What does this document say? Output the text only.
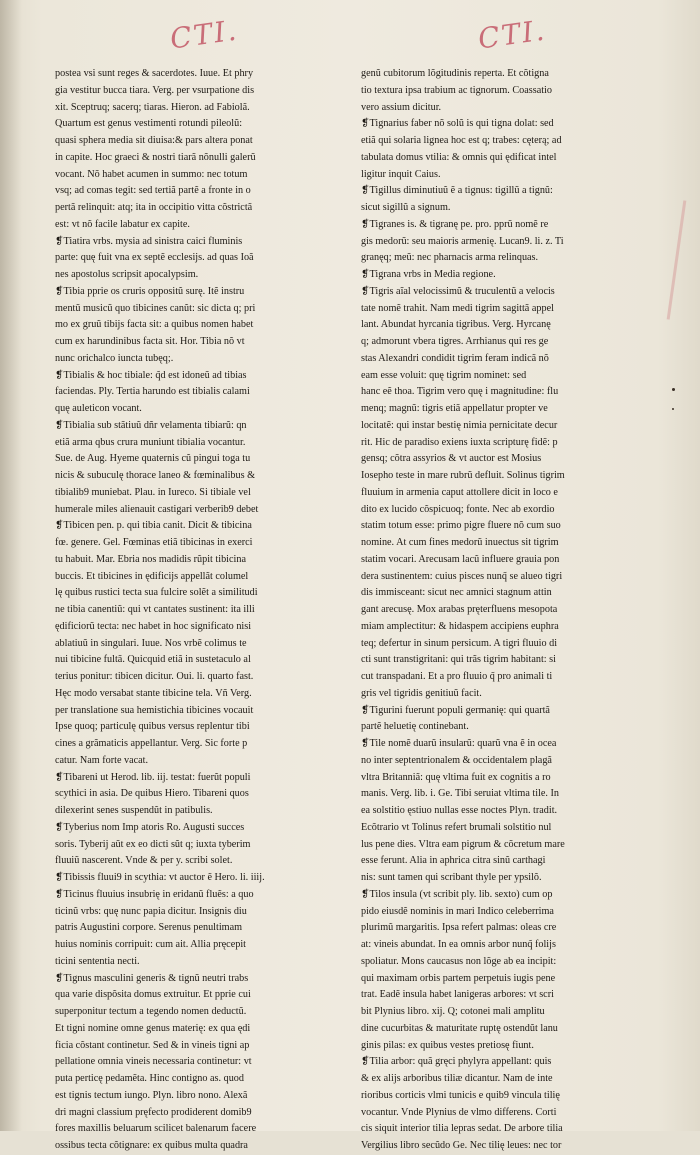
CTI.	CTI.
postea vsi sunt reges & sacerdotes. Iuue. Et phry
gia vestitur bucca tiara. Verg. per vsurpatione dis
xit. Sceptruq; sacerq; tiaras. Hieron. ad Fabiolã.
Quartum est genus vestimenti rotundi pileolũ:
quasi sphera media sit diuisa:& pars altera ponat
in capite. Hoc graeci & nostri tiarã nõnulli galerũ
vocant. Nõ habet acumen in summo: nec totum
vsq; ad comas tegit: sed tertiã partẽ a fronte in o
pertã relinquit: atq; ita in occipitio vitta cõstrictã
est: vt nõ facile labatur ex capite.
❡Tiatira vrbs. mysia ad sinistra caici fluminis
parte: quę fuit vna ex septẽ ecclesijs. ad quas Ioã
nes apostolus scripsit apocalypsim.
❡Tibia pprie os cruris oppositũ surę. Itẽ instru
mentũ musicũ quo tibicines canũt: sic dicta q; pri
mo ex gruũ tibijs facta sit: a quibus nomen habet
cum ex harundinibus facta sit. Hor. Tibia nõ vt
nunc orichalco iuncta tubęq;.
❡Tibialis & hoc tibiale: q̃d est idoneũ ad tibias
faciendas. Ply. Tertia harundo est tibialis calami
quę auleticon vocant.
❡Tibialia sub stãtiuũ dñr velamenta tibiarũ: qn
etiã arma qbus crura muniunt tibialia vocantur.
Sue. de Aug. Hyeme quaternis cũ pingui toga tu
nicis & subuculę thorace laneo & fœminalibus &
tibialib9 muniebat. Plau. in Iureco. Si tibiale vel
humerale miles alienauit castigari verberib9 debet
❡Tibicen pen. p. qui tibia canit. Dicit & tibicina
fœ. genere. Gel. Fœminas etiã tibicinas in exerci
tu habuit. Mar. Ebria nos madidis rũpit tibicina
buccis. Et tibicines in ędificijs appellãt columel
lę quibus rustici tecta sua fulcire solẽt a similitudi
ne tibia canentiũ: qui vt cantates sustinent: ita illi
ędificiorũ tecta: nec habet in hoc significato nisi
ablatiuũ in singulari. Iuue. Nos vrbẽ colimus te
nui tibicine fultã. Quicquid etiã in sustetaculo al
terius ponitur: tibicen dicitur. Oui. li. quarto fast.
Hęc modo versabat stante tibicine tela. Vñ Verg.
per translatione sua hemistichia tibicines vocauit
Ipse quoq; particulę quibus versus replentur tibi
cines a grãmaticis appellantur. Verg. Sic forte p
catur. Nam forte vacat.
❡Tibareni ut Herod. lib. iij. testat: fuerũt populi
scythici in asia. De quibus Hiero. Tibareni quos
dilexerint senes suspendũt in patibulis.
❡Tyberius nom Imp atoris Ro. Augusti succes
soris. Tyberij aũt ex eo dicti sũt q; iuxta tyberim
fluuiũ nascerent. Vnde & per y. scribi solet.
❡Tibissis fluui9 in scythia: vt auctor ẽ Hero. li. iiij.
❡Ticinus fluuius insubrię in eridanũ fluẽs: a quo
ticinũ vrbs: quę nunc papia dicitur. Insignis diu
patris Augustini corpore. Serenus penultimam
huius nominis corripuit: cum ait. Allia pręcepit
ticini sententia necti.
❡Tignus masculini generis & tignũ neutri trabs
qua varie dispõsita domus extruitur. Et pprie cui
superponitur tectum a tegendo nomen deductũ.
Et tigni nomine omne genus materię: ex qua ędi
ficia cõstant continetur. Sed & in vineis tigni ap
pellatione omnia vineis necessaria continetur: vt
puta perticę pedamẽta. Hinc contigno as. quod
est tignis tectum iungo. Plyn. libro nono. Alexã
dri magni classium pręfecto prodiderent domib9
fores maxillis beluarum scilicet balenarum facere
ossibus tecta cõtignare: ex quibus multa quadra
genũ cubitorum lõgitudinis reperta. Et cõtigna
tio textura ipsa trabium ac tignorum. Coassatio
vero assium dicitur.
❡Tignarius faber nõ solũ is qui tigna dolat: sed
etiã qui solaria lignea hoc est q; trabes: cęterą; ad
tabulata domus vtilia: & omnis qui ędificat intel
ligitur inquit Caius.
❡Tigillus diminutiuũ ẽ a tignus: tigillũ a tignũ:
sicut sigillũ a signum.
❡Tigranes is. & tigranę pe. pro. pprũ nomẽ re
gis medorũ: seu maioris armenię. Lucan9. li. z. Ti
granęq; meũ: nec pharnacis arma relinquas.
❡Tigrana vrbs in Media regione.
❡Tigris aĩal velocissimũ & truculentũ a velocis
tate nomẽ trahit. Nam medi tigrim sagittã appel
lant. Abundat hyrcania tigribus. Verg. Hyrcanę
q; admorunt vbera tigres. Arrhianus qui res ge
stas Alexandri condidit tigrim feram indicã nõ
eam esse voluit: quę tigrim nominet: sed
hanc eẽ thoa. Tigrim vero quę i magnitudine: flu
menq; magnũ: tigris etiã appellatur propter ve
locitatẽ: qui instar bestię nimia pernicitate decur
rit. Hic de paradiso exiens iuxta scripturę fidẽ: p
gensq; cõtra assyrios & vt auctor est Mosius
Iosepho teste in mare rubrũ defluit. Solinus tigrim
fluuium in armenia caput attollere dicit in loco e
dito ex lucido cõspicuoq; fonte. Nec ab exordio
statim totum esse: primo pigre fluere nõ cum suo
nomine. At cum fines medorũ inuectus sit tigrim
statim vocari. Arecusam lacũ influere grauia pon
dera sustinentem: cuius pisces nunq̃ se alueo tigri
dis immisceant: sicut nec amnici stagnum attin
gant arecusę. Mox arabas pręterfluens mesopota
miam amplectitur: & hidaspem accipiens euphra
teq; defertur in sinum persicum. A tigri fluuio di
cti sunt transtigritani: qui trãs tigrim habitant: si
cut transpadani. Et a pro fluuio q̃ pro animali ti
gris vel tigridis genitiuũ facit.
❡Tigurini fuerunt populi germanię: qui quartã
partẽ heluetię continebant.
❡Tile nomẽ duarũ insularũ: quarũ vna ẽ in ocea
no inter septentrionalem & occidentalem plagã
vltra Britanniã: quę vltima fuit ex cognitis a ro
manis. Verg. lib. i. Ge. Tibi seruiat vltima tile. In
ea solstitio ęstiuo nullas esse noctes Plyn. tradit.
Ecõtrario vt Tolinus refert brumali solstitio nul
lus pene dies. Vltra eam pigrum & cõcretum mare
esse ferunt. Alia in aphrica citra sinũ carthagi
nis: sunt tamen qui scribant thyle per ypsilõ.
❡Tilos insula (vt scribit ply. lib. sexto) cum op
pido eiusdẽ nominis in mari Indico celeberrima
plurimũ margaritis. Ipsa refert palmas: oleas cre
at: vineis abundat. In ea omnis arbor nunq̃ folijs
spoliatur. Mons caucasus non lõge ab ea incipit:
qui maximam orbis partem perpetuis iugis pene
trat. Eadẽ insula habet lanigeras arbores: vt scri
bit Plynius libro. xij. Q; cotonei mali amplitu
dine cucurbitas & maturitate ruptę ostendũt lanu
ginis pilas: ex quibus vestes pretiosę fiunt.
❡Tilia arbor: quã gręci phylyra appellant: quis
& ex alijs arboribus tiliæ dicantur. Nam de inte
rioribus corticis vlmi tunicis e quib9 vincula tilię
vocantur. Vnde Plynius de vlmo differens. Corti
cis siquit interior tilia lepras sedat. De arbore tilia
Vergilius libro secũdo Ge. Nec tilię leues: nec tor
